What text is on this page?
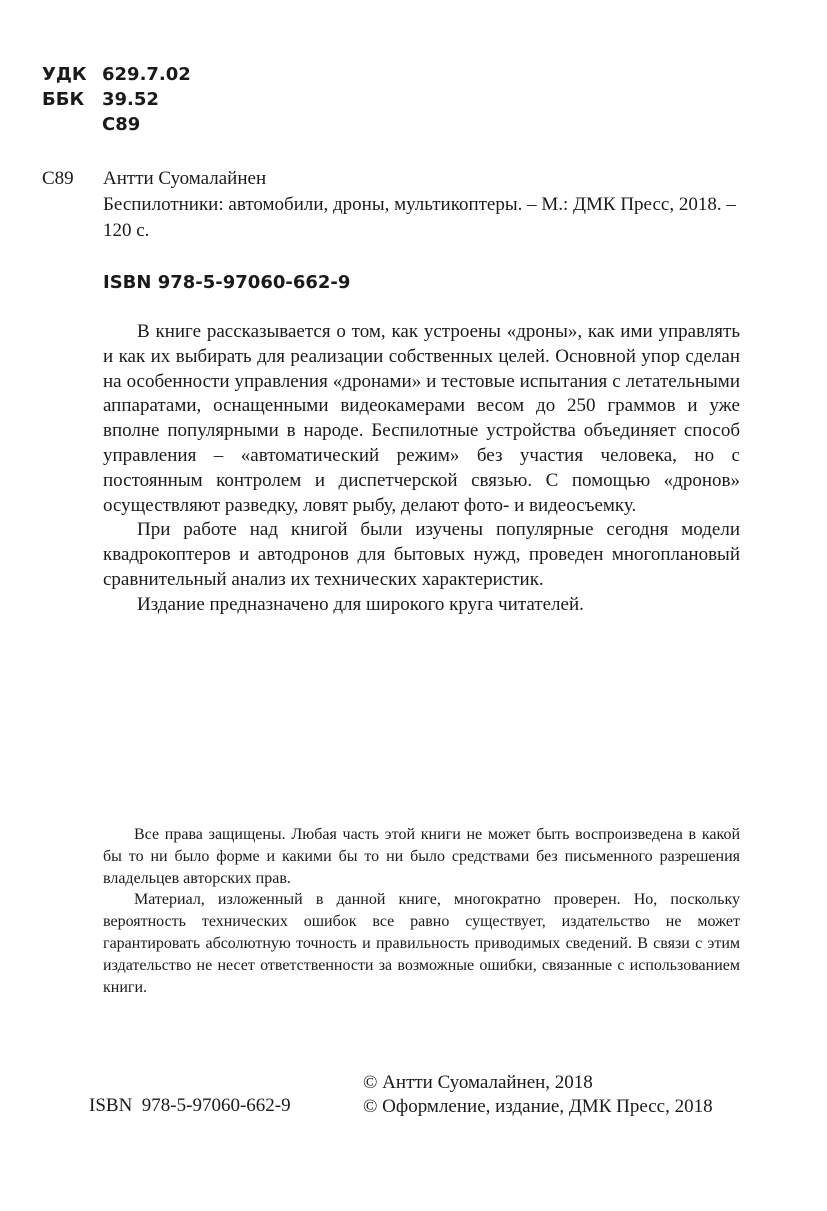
УДК 629.7.02
ББК 39.52
С89
С89 Антти Суомалайнен
Беспилотники: автомобили, дроны, мультикоптеры. – М.: ДМК Пресс, 2018. – 120 с.
ISBN 978-5-97060-662-9

В книге рассказывается о том, как устроены «дроны», как ими управлять и как их выбирать для реализации собственных целей. Основной упор сделан на особенности управления «дронами» и тестовые испытания с летательными аппаратами, оснащенными видеокамерами весом до 250 граммов и уже вполне популярными в народе. Беспилотные устройства объединяет способ управления – «автоматический режим» без участия человека, но с постоянным контролем и диспетчерской связью. С помощью «дронов» осуществляют разведку, ловят рыбу, делают фото- и видеосъемку.

При работе над книгой были изучены популярные сегодня модели квадрокоптеров и автодронов для бытовых нужд, проведен многоплановый сравнительный анализ их технических характеристик.

Издание предназначено для широкого круга читателей.

Все права защищены. Любая часть этой книги не может быть воспроизведена в какой бы то ни было форме и какими бы то ни было средствами без письменного разрешения владельцев авторских прав.

Материал, изложенный в данной книге, многократно проверен. Но, поскольку вероятность технических ошибок все равно существует, издательство не может гарантировать абсолютную точность и правильность приводимых сведений. В связи с этим издательство не несет ответственности за возможные ошибки, связанные с использованием книги.

ISBN  978-5-97060-662-9
© Антти Суомалайнен, 2018
© Оформление, издание, ДМК Пресс, 2018
